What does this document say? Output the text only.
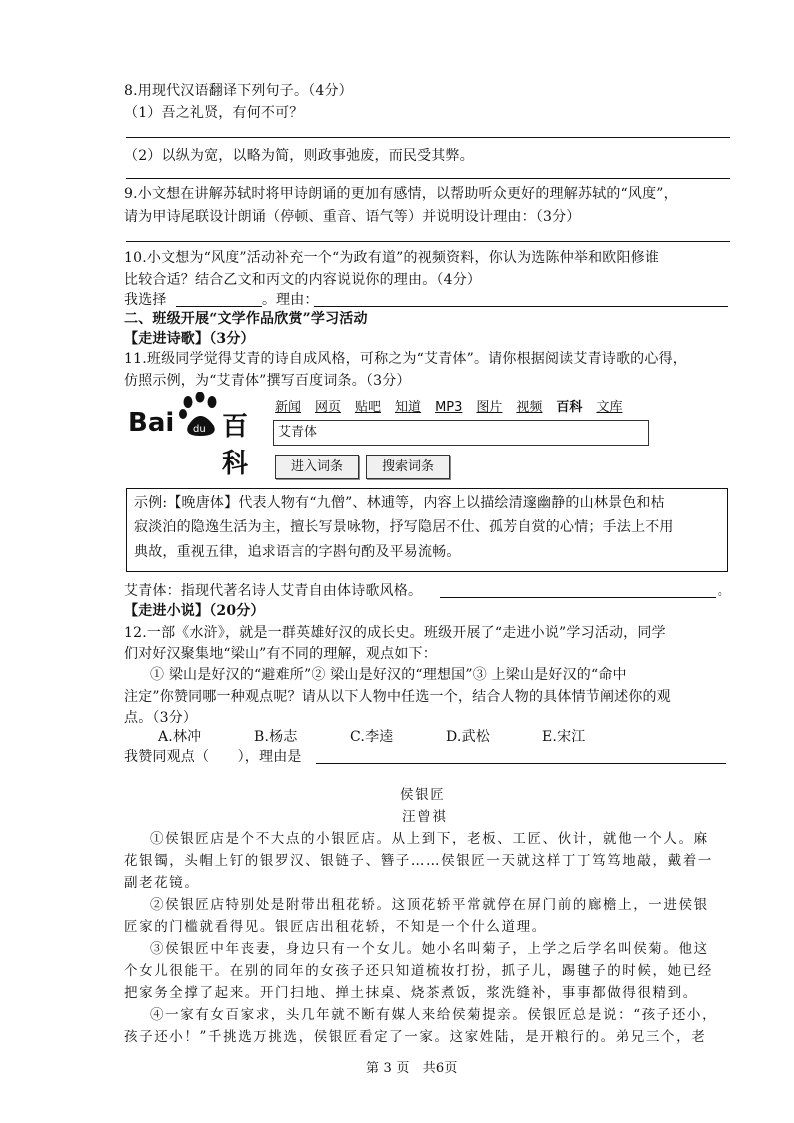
8.用现代汉语翻译下列句子。（4分）
（1）吾之礼贤，有何不可？
（2）以纵为宽，以略为简，则政事弛废，而民受其弊。
9.小文想在讲解苏轼时将甲诗朗诵的更加有感情，以帮助听众更好的理解苏轼的“风度”，
请为甲诗尾联设计朗诵（停顿、重音、语气等）并说明设计理由：（3分）
10.小文想为“风度”活动补充一个“为政有道”的视频资料，你认为选陈仲举和欧阳修谁
比较合适？结合乙文和丙文的内容说说你的理由。（4分）
我选择	。 理由：
二、班级开展“文学作品欣赏”学习活动
【走进诗歌】（3分）
11.班级同学觉得艾青的诗自成风格，可称之为“艾青体”。请你根据阅读艾青诗歌的心得，
仿照示例，为“艾青体”撰写百度词条。（3分）
Bai du 百科
新闻 网页 贴吧 知道 MP3 图片 视频 百科 文库
艾青体
进入词条	搜索词条
示例:【晚唐体】代表人物有“九僧”、林逋等，内容上以描绘清邃幽静的山林景色和枯
寂淡泊的隐逸生活为主，擅长写景咏物，抒写隐居不仕、孤芳自赏的心情；手法上不用
典故，重视五律，追求语言的字斟句酌及平易流畅。
艾青体：指现代著名诗人艾青自由体诗歌风格。	。
【走进小说】（20分）
12.一部《水浒》，就是一群英雄好汉的成长史。班级开展了“走进小说”学习活动，同学
们对好汉聚集地“梁山”有不同的理解，观点如下：
① 梁山是好汉的“避难所”② 梁山是好汉的“理想国”③ 上梁山是好汉的“命中
注定”你赞同哪一种观点呢？请从以下人物中任选一个，结合人物的具体情节阐述你的观
点。（3分）
A.林冲	B.杨志	C.李逵	D.武松	E.宋江
我赞同观点（　　），理由是
侯银匠
汪曾祺
①侯银匠店是个不大点的小银匠店。从上到下，老板、工匠、伙计，就他一个人。麻
花银镯，头帽上钉的银罗汉、银链子、簪子……侯银匠一天就这样丁丁笃笃地敲，戴着一
副老花镜。
②侯银匠店特别处是附带出租花轿。这顶花轿平常就停在屏门前的廊檐上，一进侯银
匠家的门槛就看得见。银匠店出租花轿，不知是一个什么道理。
③侯银匠中年丧妻，身边只有一个女儿。她小名叫菊子，上学之后学名叫侯菊。他这
个女儿很能干。在别的同年的女孩子还只知道梳妆打扮，抓子儿，踢毽子的时候，她已经
把家务全撑了起来。开门扫地、掸土抹桌、烧茶煮饭，浆洗缝补，事事都做得很精到。
④一家有女百家求，头几年就不断有媒人来给侯菊提亲。侯银匠总是说：“孩子还小，
孩子还小！”千挑选万挑选，侯银匠看定了一家。这家姓陆，是开粮行的。弟兄三个，老
第 3 页　共6页
